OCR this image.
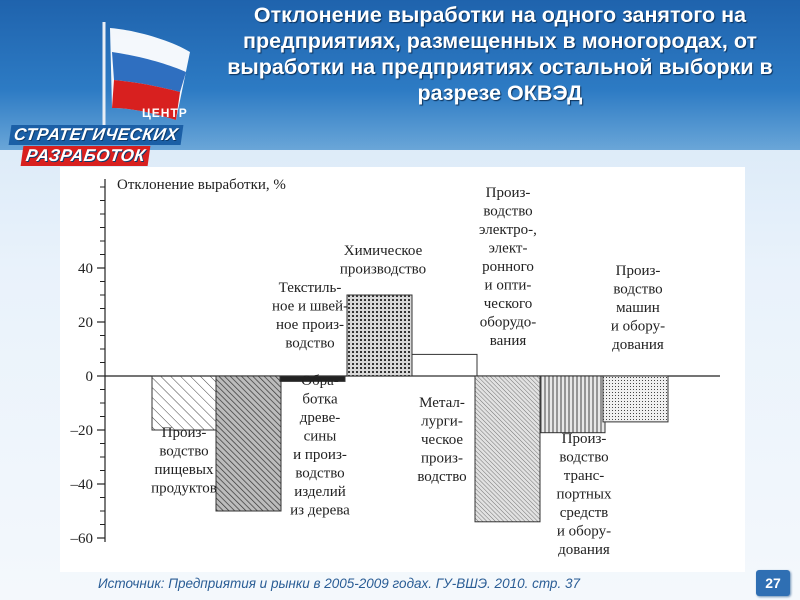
ЦЕНТР
СТРАТЕГИЧЕСКИХ
РАЗРАБОТОК
Отклонение выработки на одного занятого на предприятиях, размещенных в моногородах, от выработки на предприятиях остальной выборки в разрезе ОКВЭД
40
20
0
–20
–40
–60
Отклонение выработки, %
Произ-водство пищевых продуктов
Текстиль-ное и швей-ное произ-водство
Обра-ботка древе-сины и произ-водство изделий из дерева
Химическое производство
Метал-лурги-ческое произ-водство
Произ-водство электро-, элект-ронного и опти-ческого оборудо-вания
Произ-водство транс-портных средств и обору-дования
Произ-водство машин и обору-дования
Источник: Предприятия и рынки в 2005-2009 годах. ГУ-ВШЭ. 2010. стр. 37	27
